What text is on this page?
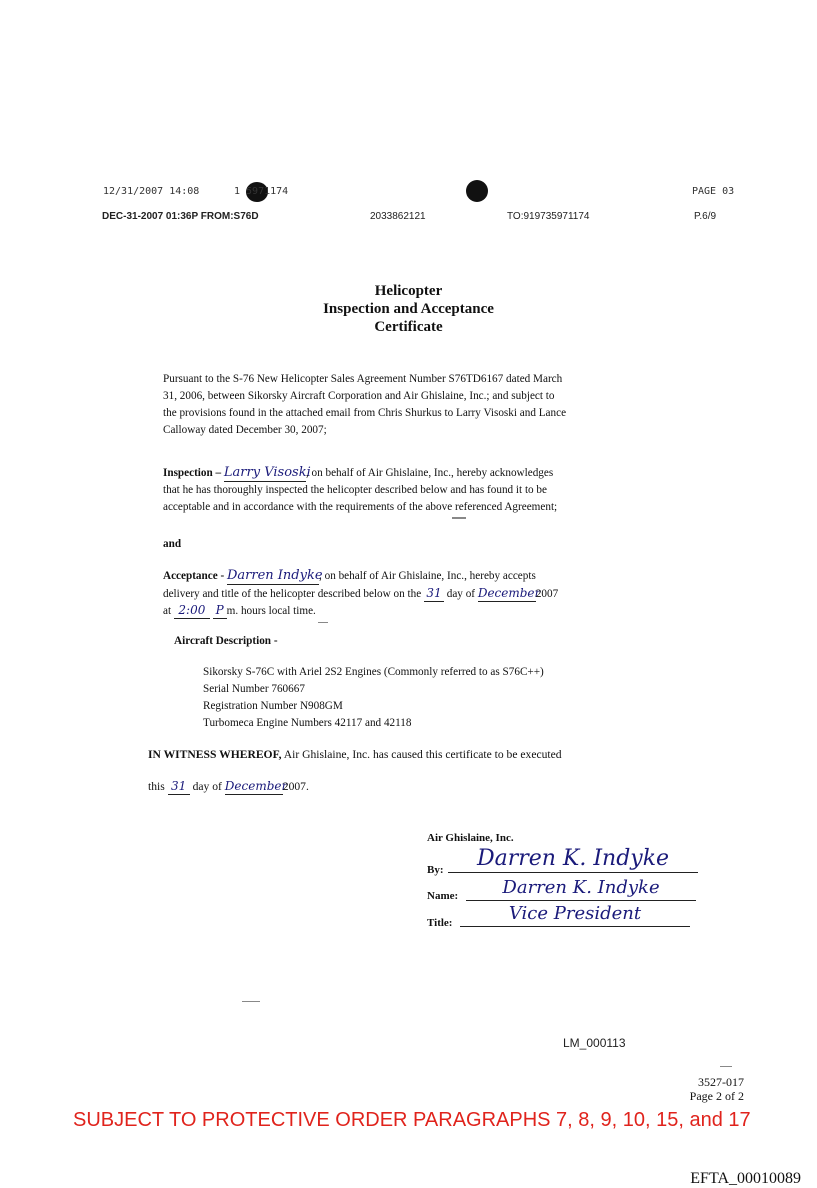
12/31/2007 14:08	1 5971174	PAGE 03
DEC-31-2007 01:36P FROM:S76D	2033862121	TO:919735971174	P.6/9
Helicopter
Inspection and Acceptance
Certificate
Pursuant to the S-76 New Helicopter Sales Agreement Number S76TD6167 dated March
31, 2006, between Sikorsky Aircraft Corporation and Air Ghislaine, Inc.; and subject to
the provisions found in the attached email from Chris Shurkus to Larry Visoski and Lance
Calloway dated December 30, 2007;
Inspection – Larry Visoski, on behalf of Air Ghislaine, Inc., hereby acknowledges
that he has thoroughly inspected the helicopter described below and has found it to be
acceptable and in accordance with the requirements of the above referenced Agreement;
and
Acceptance - Darren Indyke, on behalf of Air Ghislaine, Inc., hereby accepts
delivery and title of the helicopter described below on the 31 day of December2007
at 2:00 P m. hours local time.
Aircraft Description -
Sikorsky S-76C with Ariel 2S2 Engines (Commonly referred to as S76C++)
Serial Number 760667
Registration Number N908GM
Turbomeca Engine Numbers 42117 and 42118
IN WITNESS WHEREOF, Air Ghislaine, Inc. has caused this certificate to be executed
this 31 day of December2007.
Air Ghislaine, Inc.
By:	Darren K. Indyke
Name:	Darren K. Indyke
Title:	Vice President
LM_000113
3527-017
Page 2 of 2
SUBJECT TO PROTECTIVE ORDER PARAGRAPHS 7, 8, 9, 10, 15, and 17
EFTA_00010089
